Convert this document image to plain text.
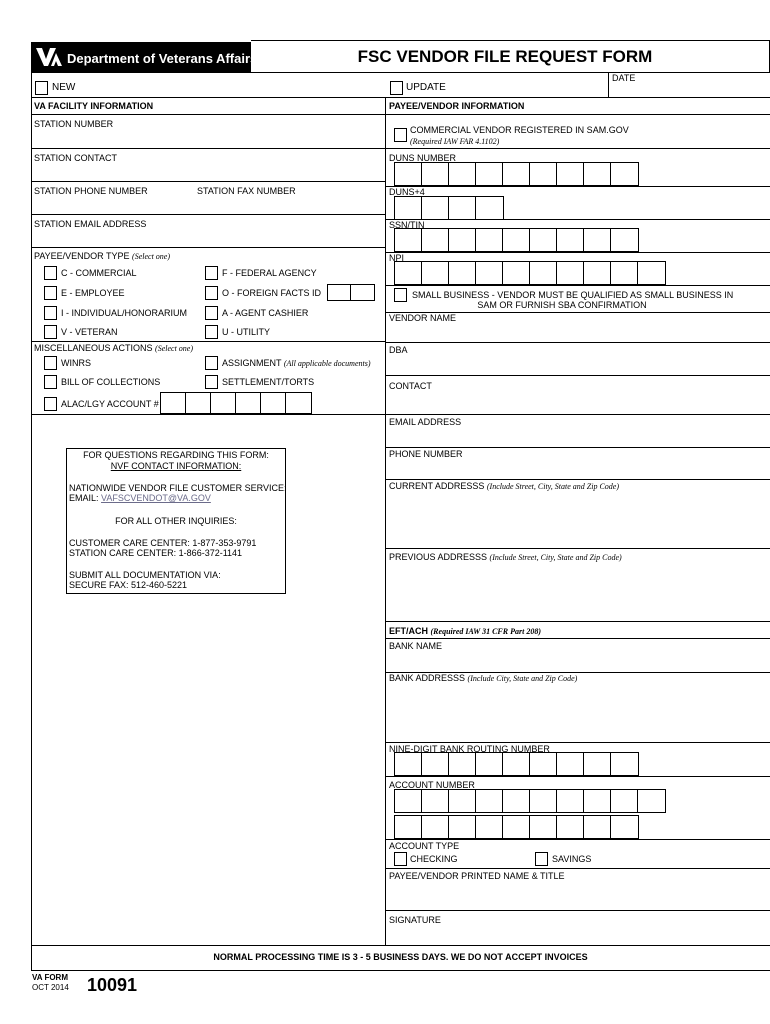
Department of Veterans Affairs	FSC VENDOR FILE REQUEST FORM
NEW	UPDATE
DATE
VA FACILITY INFORMATION
STATION NUMBER
STATION CONTACT
STATION PHONE NUMBER	STATION FAX NUMBER
STATION EMAIL ADDRESS
PAYEE/VENDOR TYPE (Select one)
C - COMMERCIAL	F - FEDERAL AGENCY
E - EMPLOYEE	O - FOREIGN FACTS ID
I - INDIVIDUAL/HONORARIUM	A - AGENT CASHIER
V - VETERAN	U - UTILITY
MISCELLANEOUS ACTIONS (Select one)
WINRS	ASSIGNMENT (All applicable documents)
BILL OF COLLECTIONS	SETTLEMENT/TORTS
ALAC/LGY ACCOUNT #
FOR QUESTIONS REGARDING THIS FORM:
NVF CONTACT INFORMATION:
NATIONWIDE VENDOR FILE CUSTOMER SERVICE:
EMAIL: VAFSCVENDOT@VA.GOV
FOR ALL OTHER INQUIRIES:
CUSTOMER CARE CENTER: 1-877-353-9791
STATION CARE CENTER: 1-866-372-1141
SUBMIT ALL DOCUMENTATION VIA:
SECURE FAX: 512-460-5221
PAYEE/VENDOR INFORMATION
COMMERCIAL VENDOR REGISTERED IN SAM.GOV
(Required IAW FAR 4.1102)
DUNS NUMBER
DUNS+4
SSN/TIN
NPI
SMALL BUSINESS - VENDOR MUST BE QUALIFIED AS SMALL BUSINESS IN
SAM OR FURNISH SBA CONFIRMATION
VENDOR NAME
DBA
CONTACT
EMAIL ADDRESS
PHONE NUMBER
CURRENT ADDRESSS (Include Street, City, State and Zip Code)
PREVIOUS ADDRESSS (Include Street, City, State and Zip Code)
EFT/ACH (Required IAW 31 CFR Part 208)
BANK NAME
BANK ADDRESSS (Include City, State and Zip Code)
NINE-DIGIT BANK ROUTING NUMBER
ACCOUNT NUMBER
ACCOUNT TYPE
CHECKING	SAVINGS
PAYEE/VENDOR PRINTED NAME & TITLE
SIGNATURE
NORMAL PROCESSING TIME IS 3 - 5 BUSINESS DAYS. WE DO NOT ACCEPT INVOICES
VA FORM
OCT 2014 10091
